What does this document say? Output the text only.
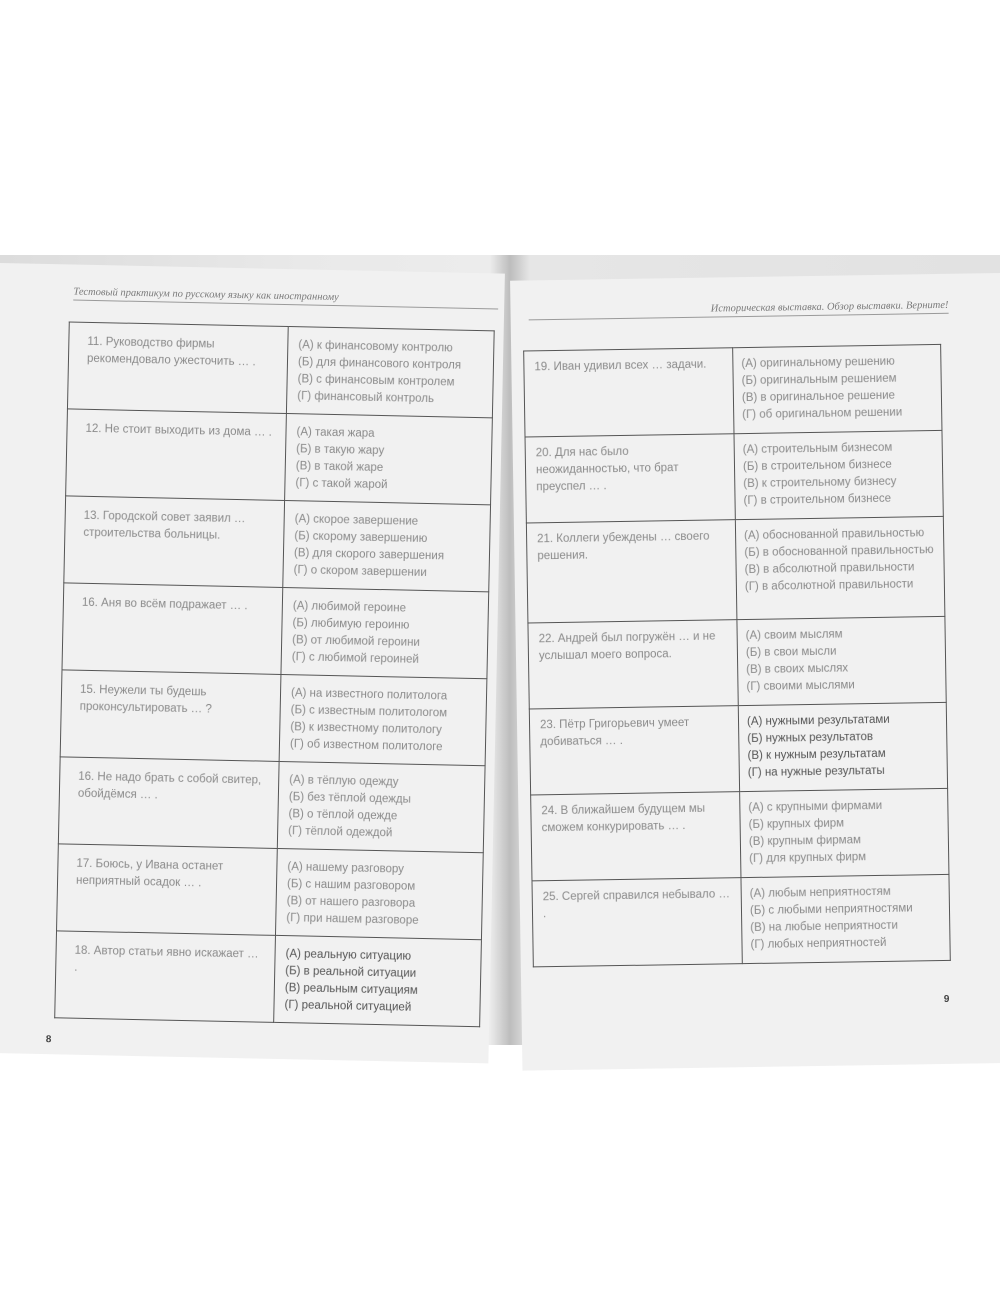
Тестовый практикум по русскому языку как иностранному
11. Руководство фирмы рекомендовало ужесточить … .	(А) к финансовому контролю
(Б) для финансового контроля
(В) с финансовым контролем
(Г) финансовый контроль

12. Не стоит выходить из дома … .	(А) такая жара
(Б) в такую жару
(В) в такой жаре
(Г) с такой жарой

13. Городской совет заявил … строительства больницы.	(А) скорое завершение
(Б) скорому завершению
(В) для скорого завершения
(Г) о скором завершении

16. Аня во всём подражает … .	(А) любимой героине
(Б) любимую героиню
(В) от любимой героини
(Г) с любимой героиней

15. Неужели ты будешь проконсультировать … ?	(А) на известного политолога
(Б) с известным политологом
(В) к известному политологу
(Г) об известном политологе

16. Не надо брать с собой свитер, обойдёмся … .	(А) в тёплую одежду
(Б) без тёплой одежды
(В) о тёплой одежде
(Г) тёплой одеждой

17. Боюсь, у Ивана останет неприятный осадок … .	(А) нашему разговору
(Б) с нашим разговором
(В) от нашего разговора
(Г) при нашем разговоре

18. Автор статьи явно искажает … .	(А) реальную ситуацию
(Б) в реальной ситуации
(В) реальным ситуациям
(Г) реальной ситуацией
8
Историческая выставка. Обзор выставки. Верните!
19. Иван удивил всех … задачи.	(А) оригинальному решению
(Б) оригинальным решением
(В) в оригинальное решение
(Г) об оригинальном решении

20. Для нас было неожиданностью, что брат преуспел … .	(А) строительным бизнесом
(Б) в строительном бизнесе
(В) к строительному бизнесу
(Г) в строительном бизнесе

21. Коллеги убеждены … своего решения.	(А) обоснованной правильностью
(Б) в обоснованной правильностью
(В) в абсолютной правильности
(Г) в абсолютной правильности

22. Андрей был погружён … и не услышал моего вопроса.	(А) своим мыслям
(Б) в свои мысли
(В) в своих мыслях
(Г) своими мыслями

23. Пётр Григорьевич умеет добиваться … .	(А) нужными результатами
(Б) нужных результатов
(В) к нужным результатам
(Г) на нужные результаты

24. В ближайшем будущем мы сможем конкурировать … .	(А) с крупными фирмами
(Б) крупных фирм
(В) крупным фирмам
(Г) для крупных фирм

25. Сергей справился небывало … .	(А) любым неприятностям
(Б) с любыми неприятностями
(В) на любые неприятности
(Г) любых неприятностей
9
